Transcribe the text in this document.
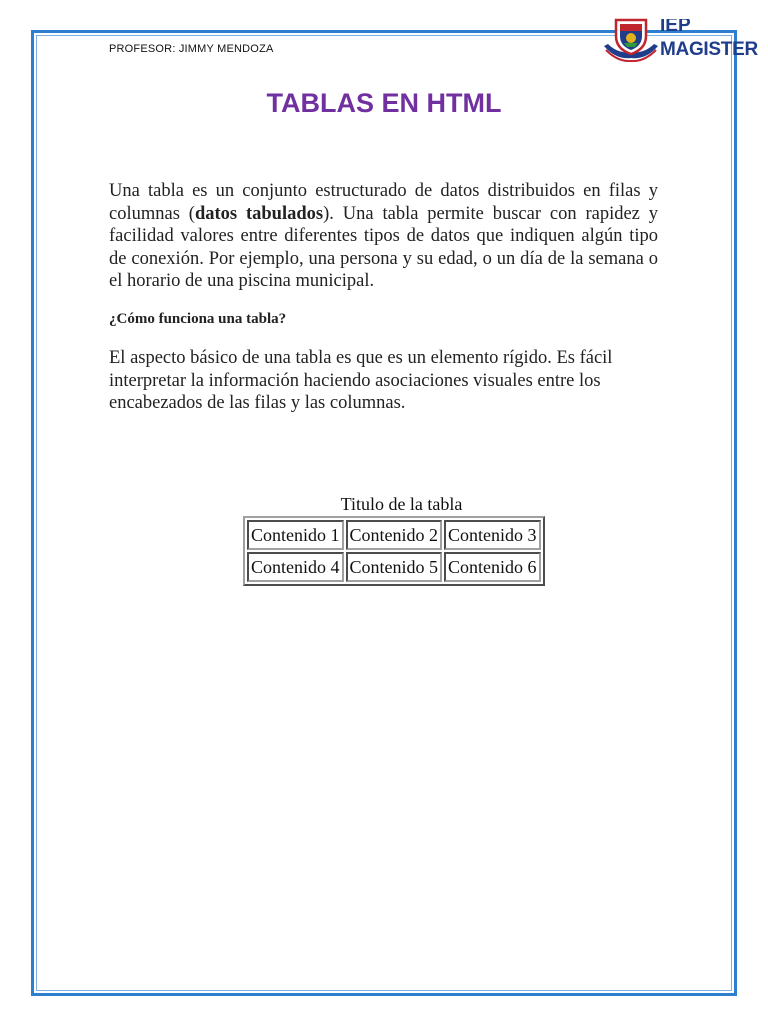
PROFESOR: JIMMY MENDOZA
IEP
MAGISTER
TABLAS EN HTML

Una tabla es un conjunto estructurado de datos distribuidos en filas y columnas (datos tabulados). Una tabla permite buscar con rapidez y facilidad valores entre diferentes tipos de datos que indiquen algún tipo de conexión. Por ejemplo, una persona y su edad, o un día de la semana o el horario de una piscina municipal.

¿Cómo funciona una tabla?

El aspecto básico de una tabla es que es un elemento rígido. Es fácil interpretar la información haciendo asociaciones visuales entre los encabezados de las filas y las columnas.

Titulo de la tabla
Contenido 1	Contenido 2	Contenido 3
Contenido 4	Contenido 5	Contenido 6
